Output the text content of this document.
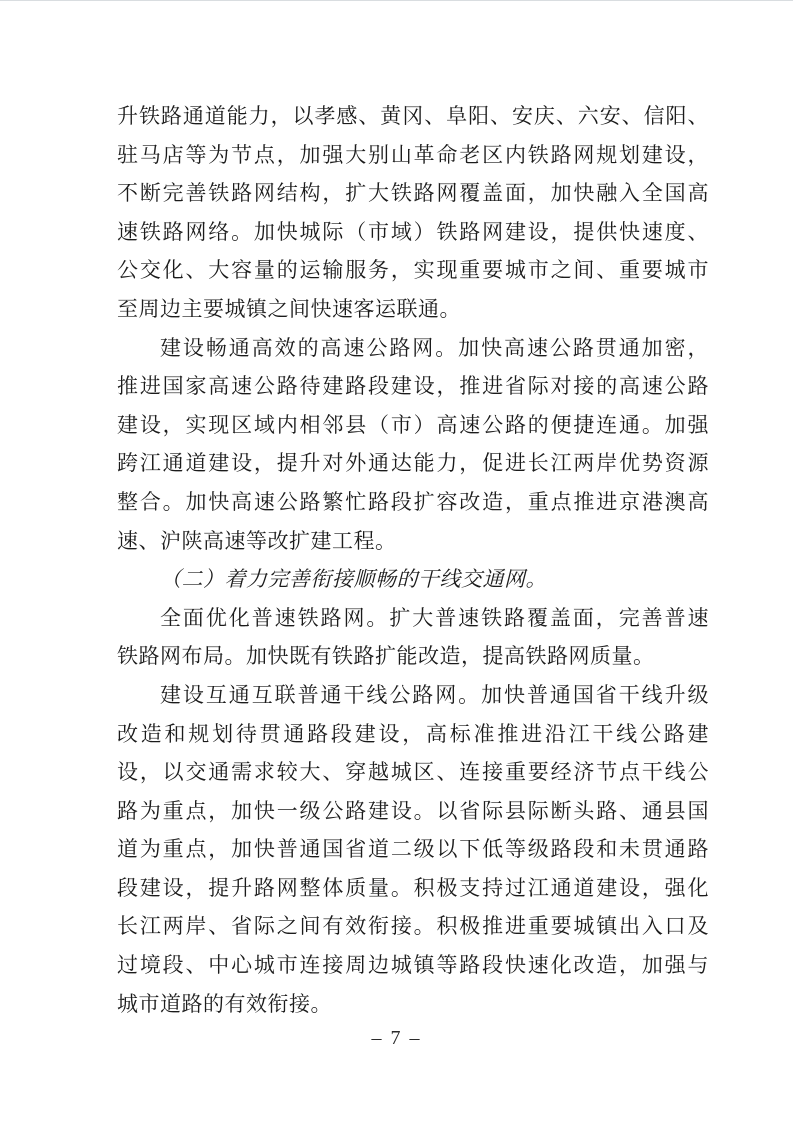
升铁路通道能力，以孝感、黄冈、阜阳、安庆、六安、信阳、
驻马店等为节点，加强大别山革命老区内铁路网规划建设，
不断完善铁路网结构，扩大铁路网覆盖面，加快融入全国高
速铁路网络。加快城际（市域）铁路网建设，提供快速度、
公交化、大容量的运输服务，实现重要城市之间、重要城市
至周边主要城镇之间快速客运联通。
建设畅通高效的高速公路网。加快高速公路贯通加密，
推进国家高速公路待建路段建设，推进省际对接的高速公路
建设，实现区域内相邻县（市）高速公路的便捷连通。加强
跨江通道建设，提升对外通达能力，促进长江两岸优势资源
整合。加快高速公路繁忙路段扩容改造，重点推进京港澳高
速、沪陕高速等改扩建工程。
（二）着力完善衔接顺畅的干线交通网。
全面优化普速铁路网。扩大普速铁路覆盖面，完善普速
铁路网布局。加快既有铁路扩能改造，提高铁路网质量。
建设互通互联普通干线公路网。加快普通国省干线升级
改造和规划待贯通路段建设，高标准推进沿江干线公路建
设，以交通需求较大、穿越城区、连接重要经济节点干线公
路为重点，加快一级公路建设。以省际县际断头路、通县国
道为重点，加快普通国省道二级以下低等级路段和未贯通路
段建设，提升路网整体质量。积极支持过江通道建设，强化
长江两岸、省际之间有效衔接。积极推进重要城镇出入口及
过境段、中心城市连接周边城镇等路段快速化改造，加强与
城市道路的有效衔接。
– 7 –
